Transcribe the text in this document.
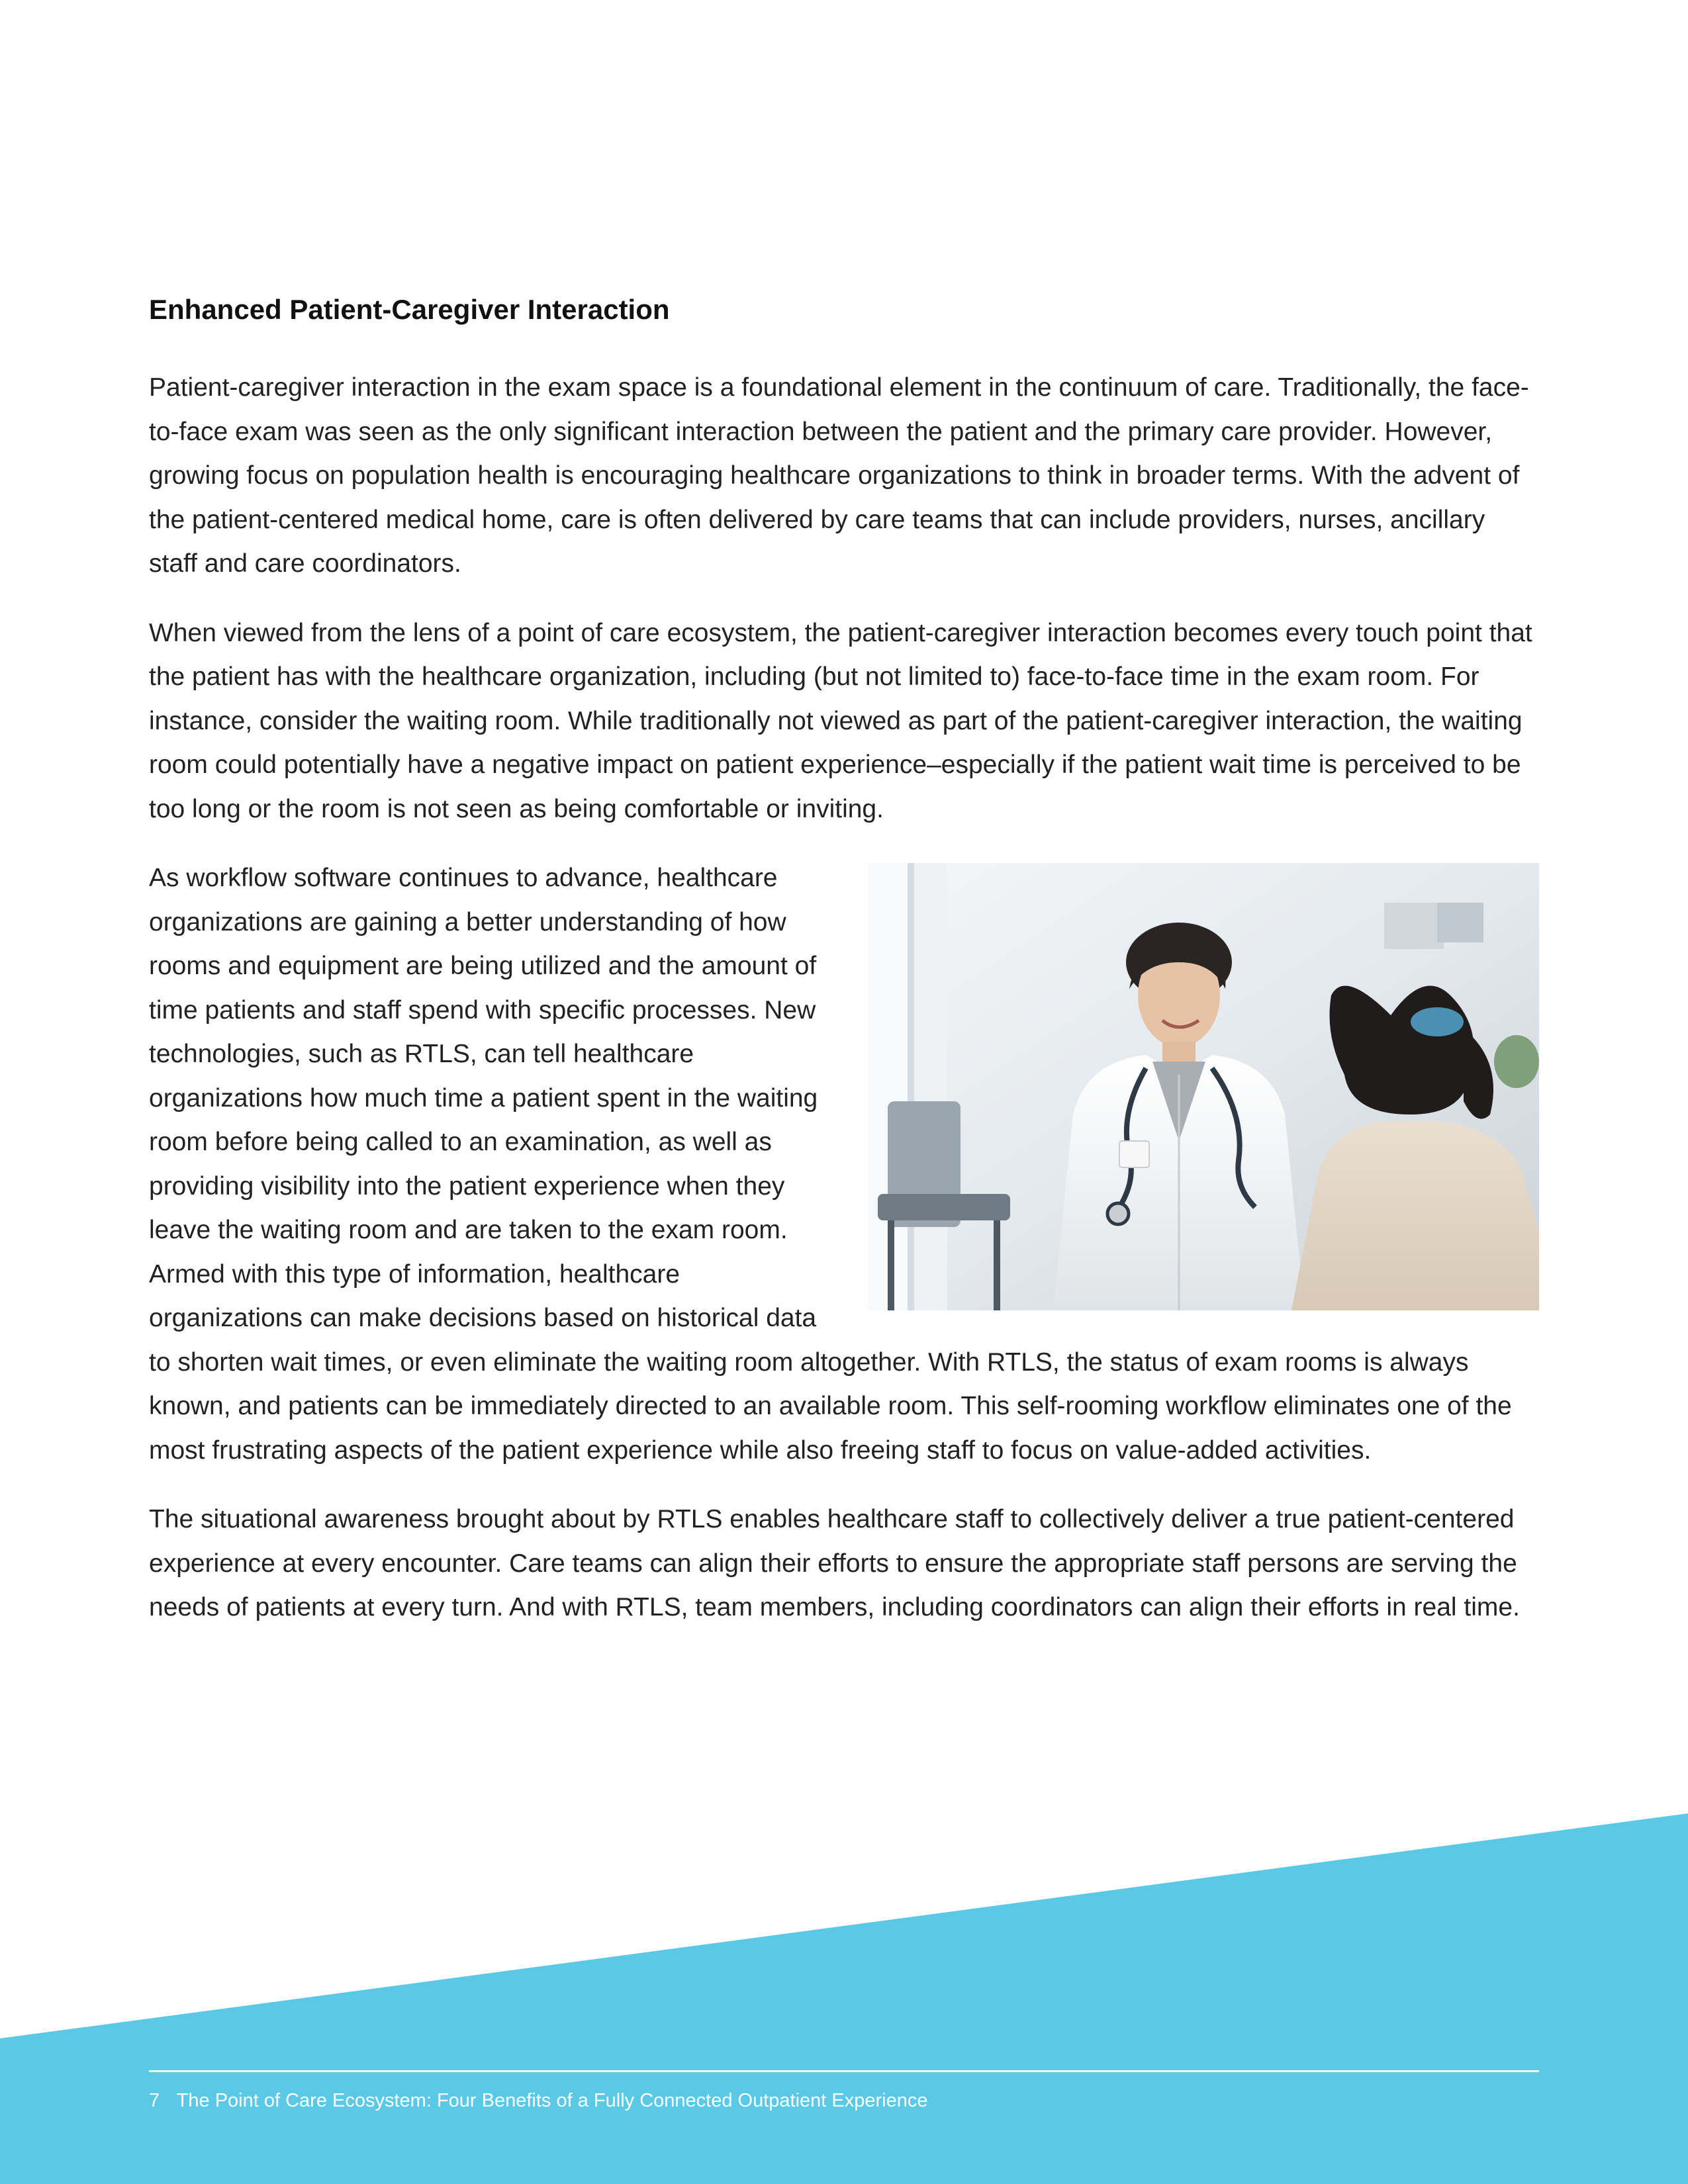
Enhanced Patient-Caregiver Interaction

Patient-caregiver interaction in the exam space is a foundational element in the continuum of care. Traditionally, the face-to-face exam was seen as the only significant interaction between the patient and the primary care provider. However, growing focus on population health is encouraging healthcare organizations to think in broader terms. With the advent of the patient-centered medical home, care is often delivered by care teams that can include providers, nurses, ancillary staff and care coordinators.

When viewed from the lens of a point of care ecosystem, the patient-caregiver interaction becomes every touch point that the patient has with the healthcare organization, including (but not limited to) face-to-face time in the exam room. For instance, consider the waiting room. While traditionally not viewed as part of the patient-caregiver interaction, the waiting room could potentially have a negative impact on patient experience–especially if the patient wait time is perceived to be too long or the room is not seen as being comfortable or inviting.

As workflow software continues to advance, healthcare organizations are gaining a better understanding of how rooms and equipment are being utilized and the amount of time patients and staff spend with specific processes. New technologies, such as RTLS, can tell healthcare organizations how much time a patient spent in the waiting room before being called to an examination, as well as providing visibility into the patient experience when they leave the waiting room and are taken to the exam room. Armed with this type of information, healthcare organizations can make decisions based on historical data to shorten wait times, or even eliminate the waiting room altogether. With RTLS, the status of exam rooms is always known, and patients can be immediately directed to an available room. This self-rooming workflow eliminates one of the most frustrating aspects of the patient experience while also freeing staff to focus on value-added activities.

The situational awareness brought about by RTLS enables healthcare staff to collectively deliver a true patient-centered experience at every encounter. Care teams can align their efforts to ensure the appropriate staff persons are serving the needs of patients at every turn. And with RTLS, team members, including coordinators can align their efforts in real time.

7 The Point of Care Ecosystem: Four Benefits of a Fully Connected Outpatient Experience
